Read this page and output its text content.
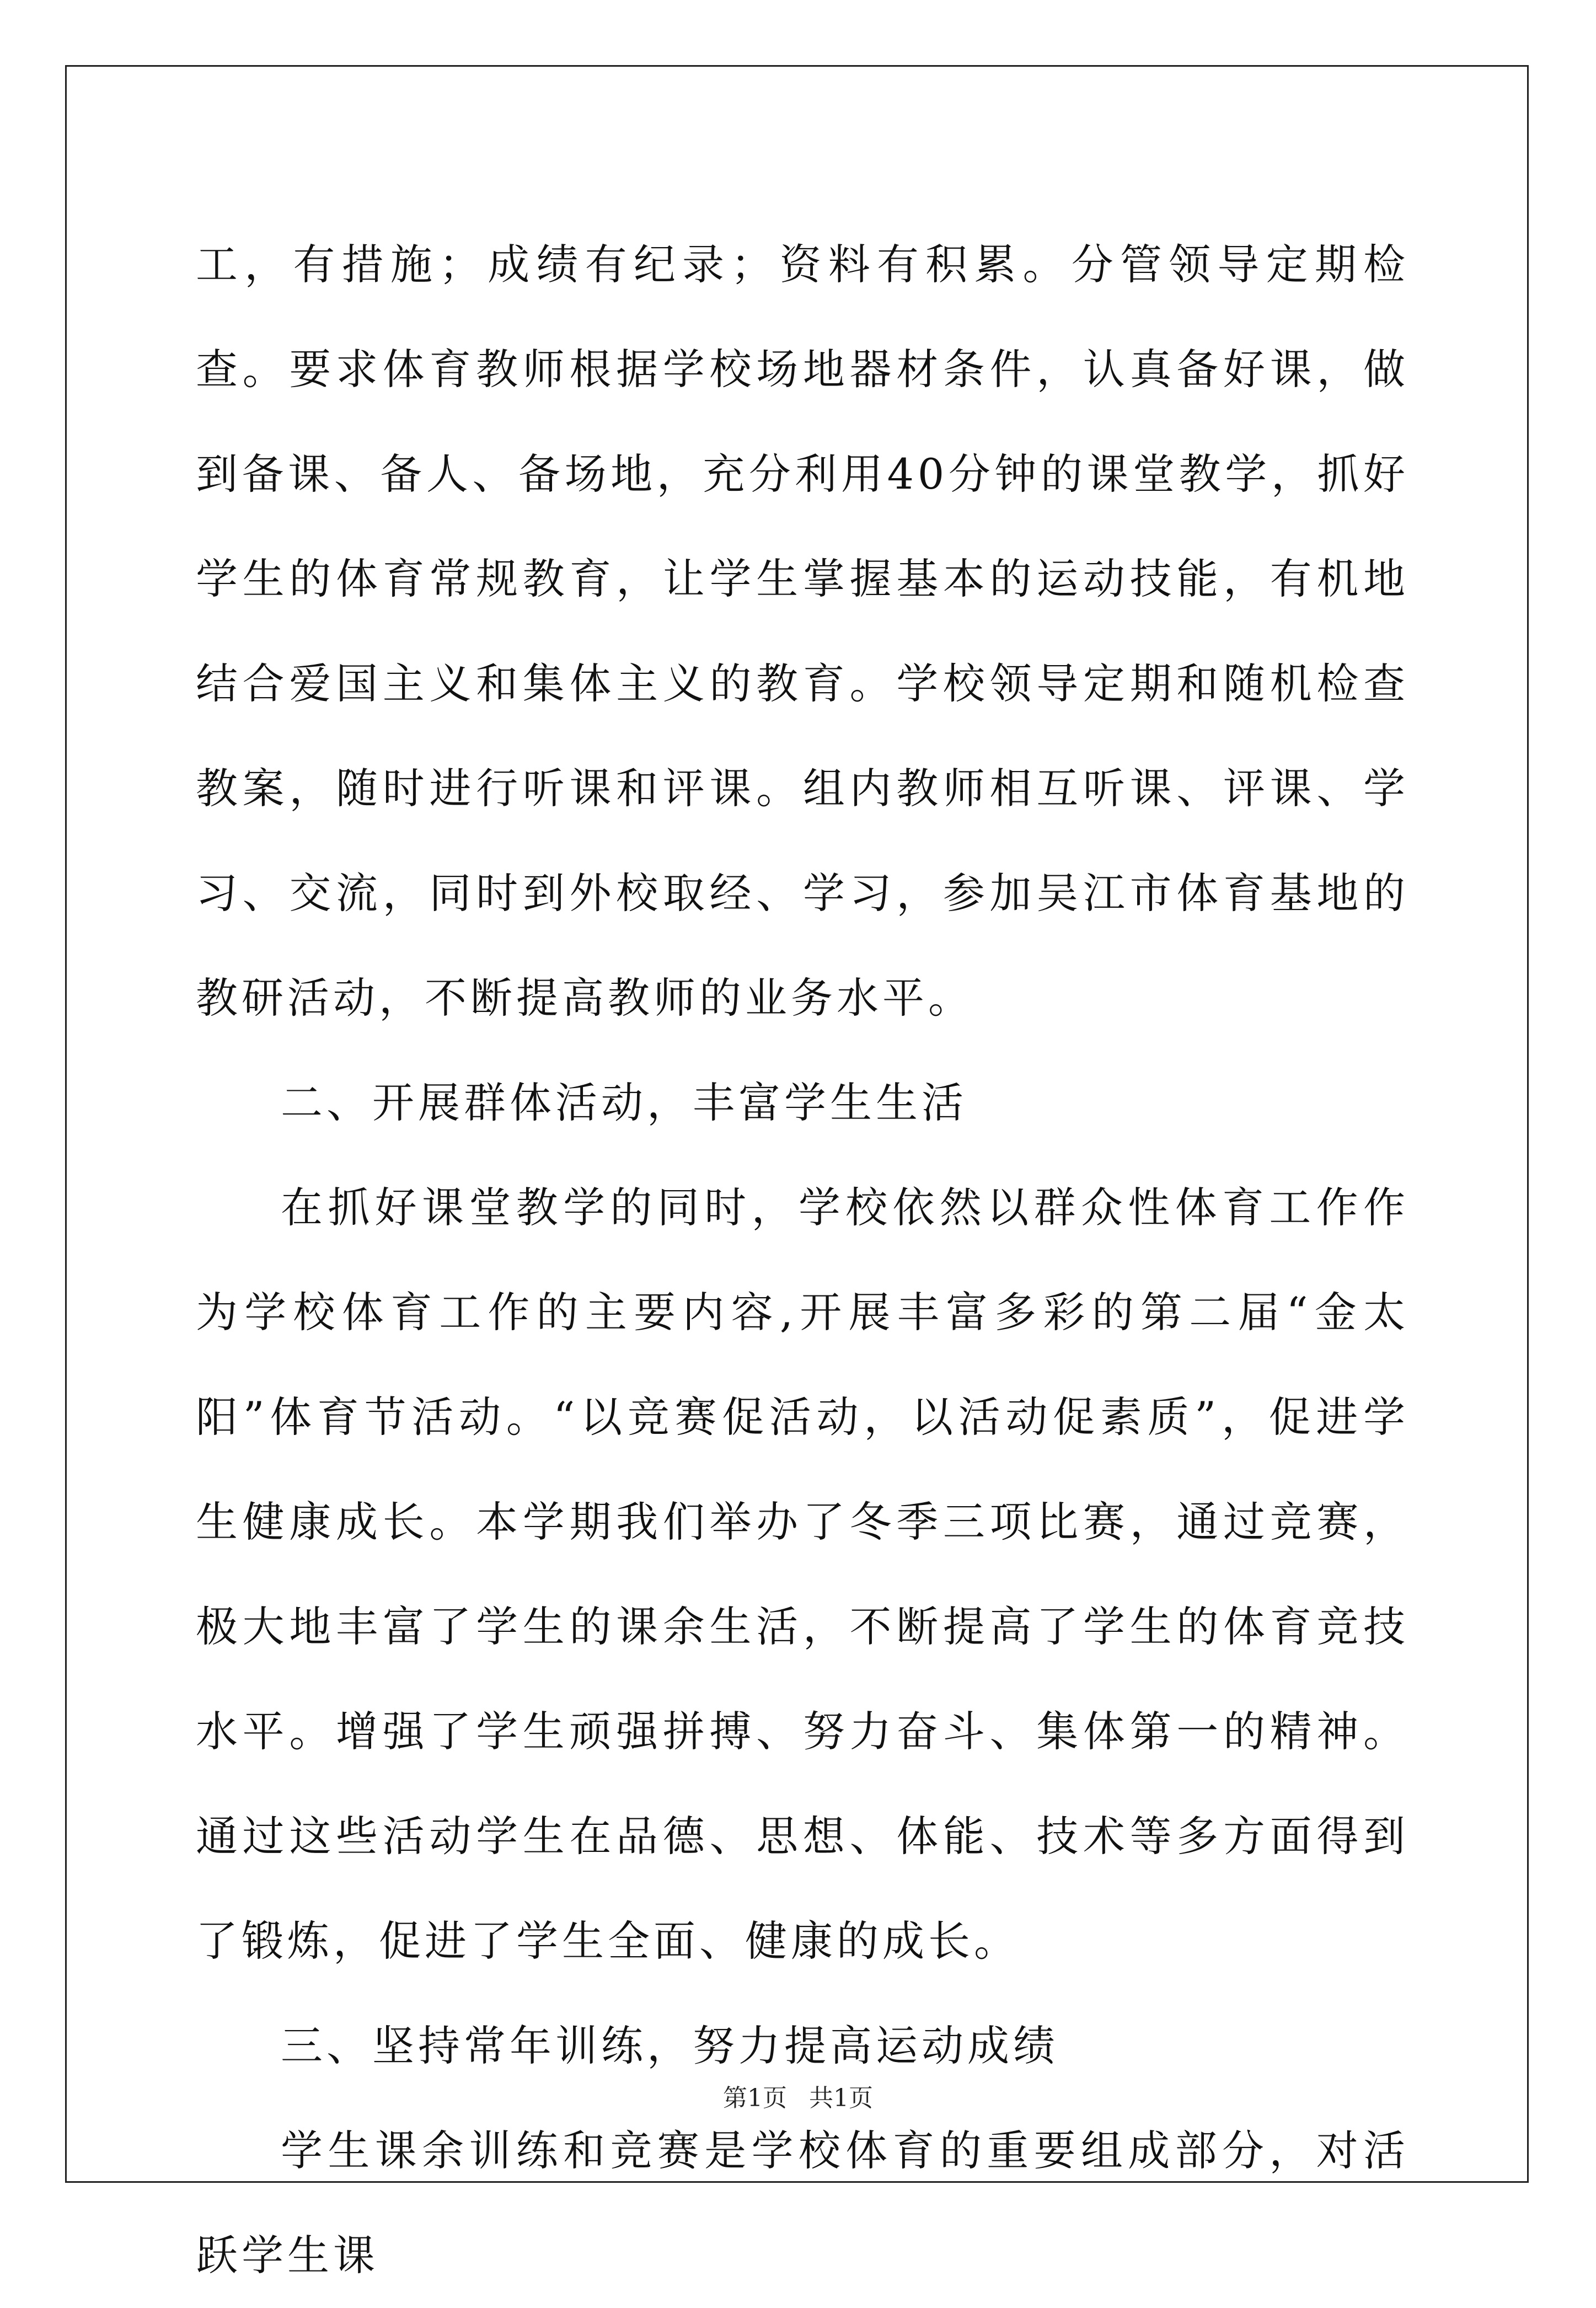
工，有措施；成绩有纪录；资料有积累。分管领导定期检查。要求体育教师根据学校场地器材条件，认真备好课，做到备课、备人、备场地，充分利用40分钟的课堂教学，抓好学生的体育常规教育，让学生掌握基本的运动技能，有机地结合爱国主义和集体主义的教育。学校领导定期和随机检查教案，随时进行听课和评课。组内教师相互听课、评课、学习、交流，同时到外校取经、学习，参加吴江市体育基地的教研活动，不断提高教师的业务水平。

二、开展群体活动，丰富学生生活

在抓好课堂教学的同时，学校依然以群众性体育工作作为学校体育工作的主要内容,开展丰富多彩的第二届“金太阳”体育节活动。“以竞赛促活动，以活动促素质”，促进学生健康成长。本学期我们举办了冬季三项比赛，通过竞赛，极大地丰富了学生的课余生活，不断提高了学生的体育竞技水平。增强了学生顽强拼搏、努力奋斗、集体第一的精神。通过这些活动学生在品德、思想、体能、技术等多方面得到了锻炼，促进了学生全面、健康的成长。

三、坚持常年训练，努力提高运动成绩

学生课余训练和竞赛是学校体育的重要组成部分，对活跃学生课

第1页 共1页
